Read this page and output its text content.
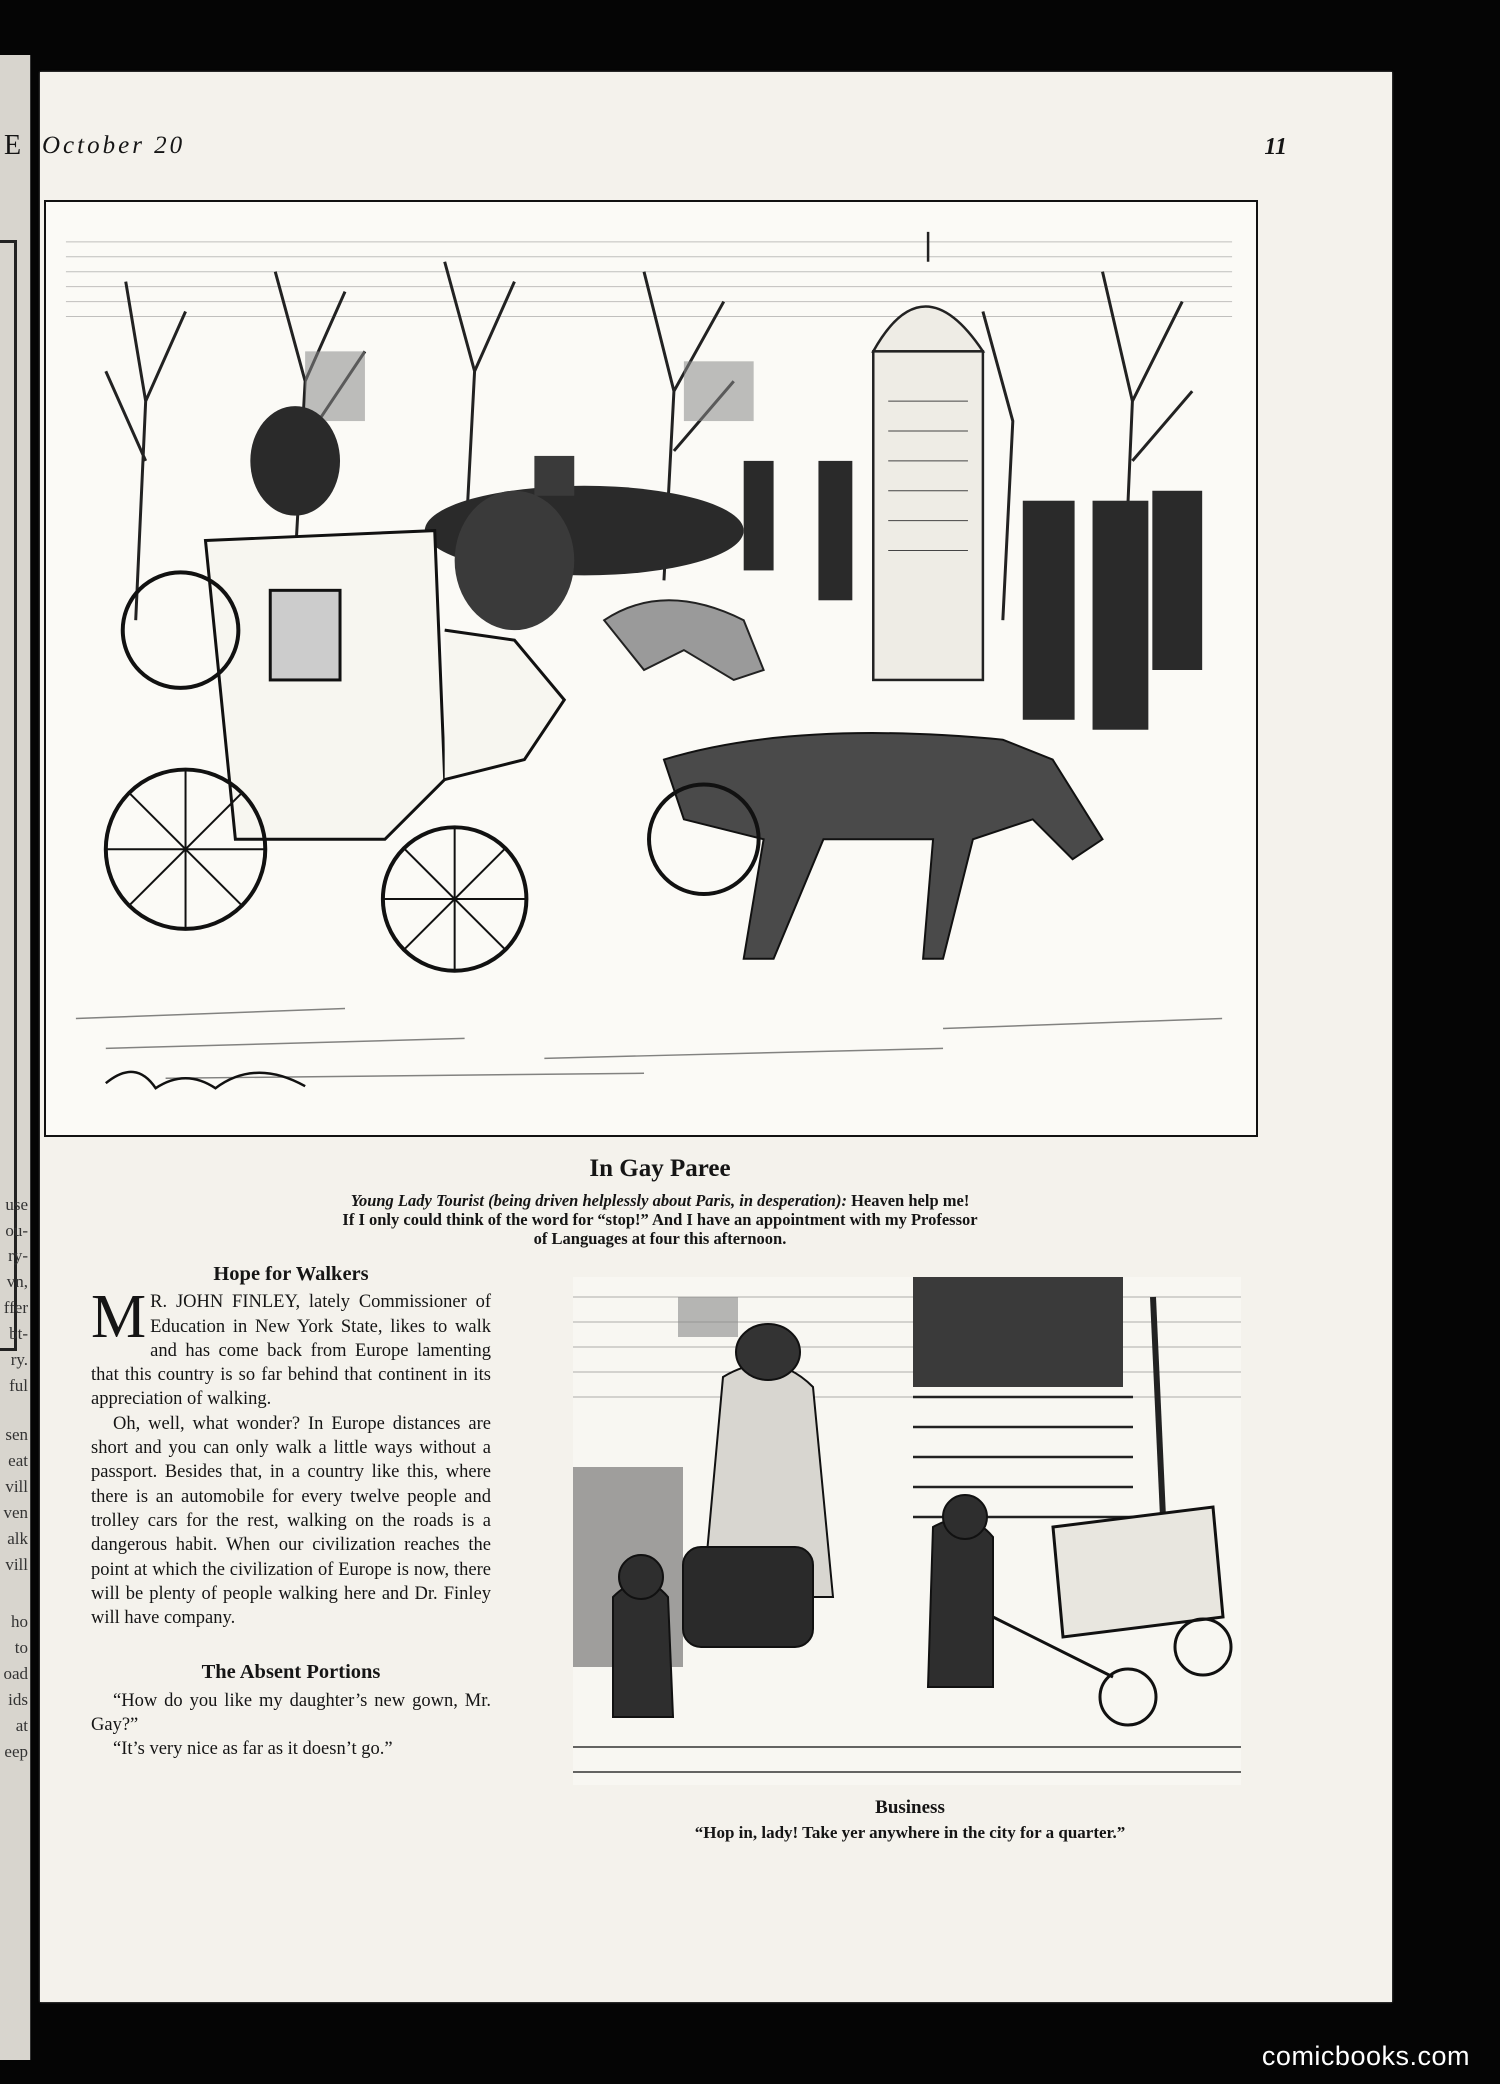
E
use
ou-
ry-
vn,
ffer
bt-
ry.
ful
sen
eat
vill
ven
alk
vill
ho
to
oad
ids
at
eep
October 20	11
In Gay Paree
Young Lady Tourist (being driven helplessly about Paris, in desperation): Heaven help me!
If I only could think of the word for “stop!” And I have an appointment with my Professor
of Languages at four this afternoon.
Hope for Walkers

M R. JOHN FINLEY, lately Commissioner of Education in New York State, likes to walk and has come back from Europe lamenting that this country is so far behind that continent in its appreciation of walking.

Oh, well, what wonder? In Europe distances are short and you can only walk a little ways without a passport. Besides that, in a country like this, where there is an automobile for every twelve people and trolley cars for the rest, walking on the roads is a dangerous habit. When our civilization reaches the point at which the civilization of Europe is now, there will be plenty of people walking here and Dr. Finley will have company.

The Absent Portions

“How do you like my daughter’s new gown, Mr. Gay?”

“It’s very nice as far as it doesn’t go.”

Business
“Hop in, lady! Take yer anywhere in the city for a quarter.”
comicbooks.com
